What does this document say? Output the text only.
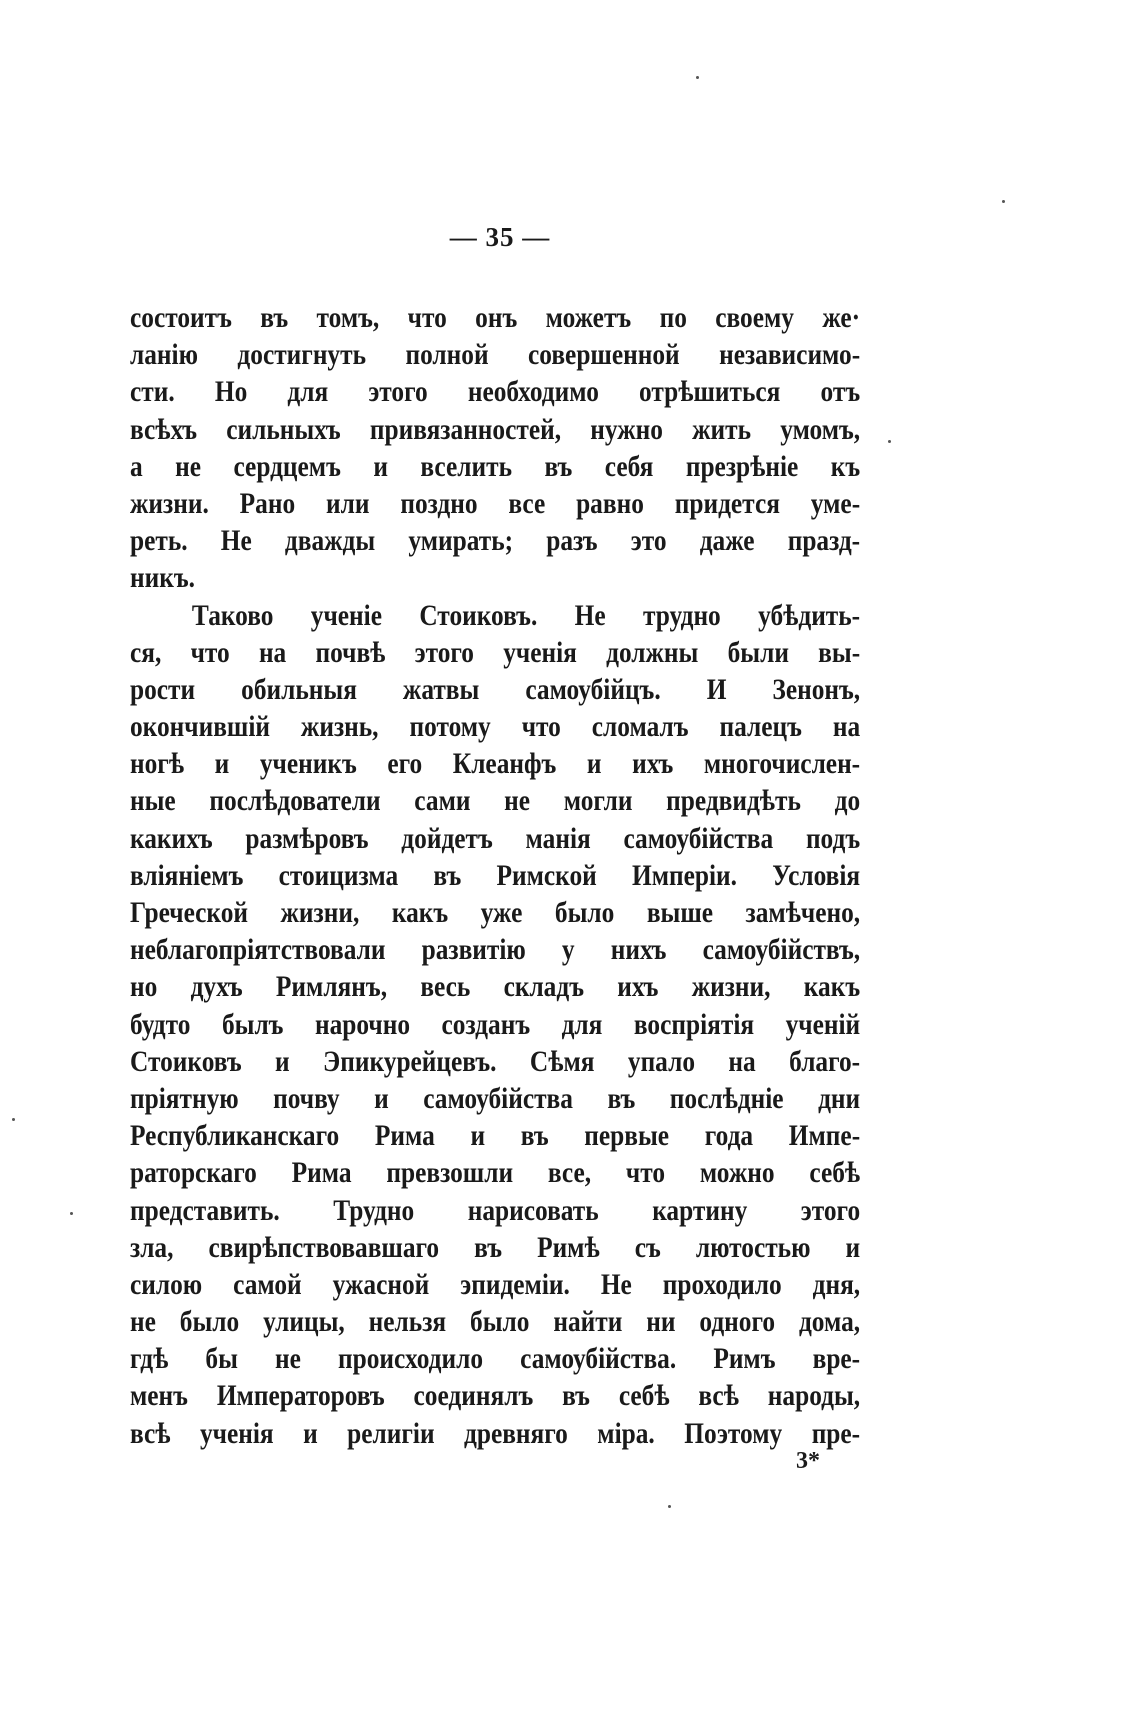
— 35 —
состоитъ въ томъ, что онъ можетъ по своему же·
ланію достигнуть полной совершенной независимо-
сти. Но для этого необходимо отрѣшиться отъ
всѣхъ сильныхъ привязанностей, нужно жить умомъ,
а не сердцемъ и вселить въ себя презрѣніе къ
жизни. Рано или поздно все равно придется уме-
реть. Не дважды умирать; разъ это даже празд-
никъ.
Таково ученіе Стоиковъ. Не трудно убѣдить-
ся, что на почвѣ этого ученія должны были вы-
рости обильныя жатвы самоубійцъ. И Зенонъ,
окончившій жизнь, потому что сломалъ палецъ на
ногѣ и ученикъ его Клеанфъ и ихъ многочислен-
ные послѣдователи сами не могли предвидѣть до
какихъ размѣровъ дойдетъ манія самоубійства подъ
вліяніемъ стоицизма въ Римской Имперіи. Условія
Греческой жизни, какъ уже было выше замѣчено,
неблагопріятствовали развитію у нихъ самоубійствъ,
но духъ Римлянъ, весь складъ ихъ жизни, какъ
будто былъ нарочно созданъ для воспріятія ученій
Стоиковъ и Эпикурейцевъ. Сѣмя упало на благо-
пріятную почву и самоубійства въ послѣдніе дни
Республиканскаго Рима и въ первые года Импе-
раторскаго Рима превзошли все, что можно себѣ
представить. Трудно нарисовать картину этого
зла, свирѣпствовавшаго въ Римѣ съ лютостью и
силою самой ужасной эпидеміи. Не проходило дня,
не было улицы, нельзя было найти ни одного дома,
гдѣ бы не происходило самоубійства. Римъ вре-
менъ Императоровъ соединялъ въ себѣ всѣ народы,
всѣ ученія и религіи древняго міра. Поэтому пре-
3*
